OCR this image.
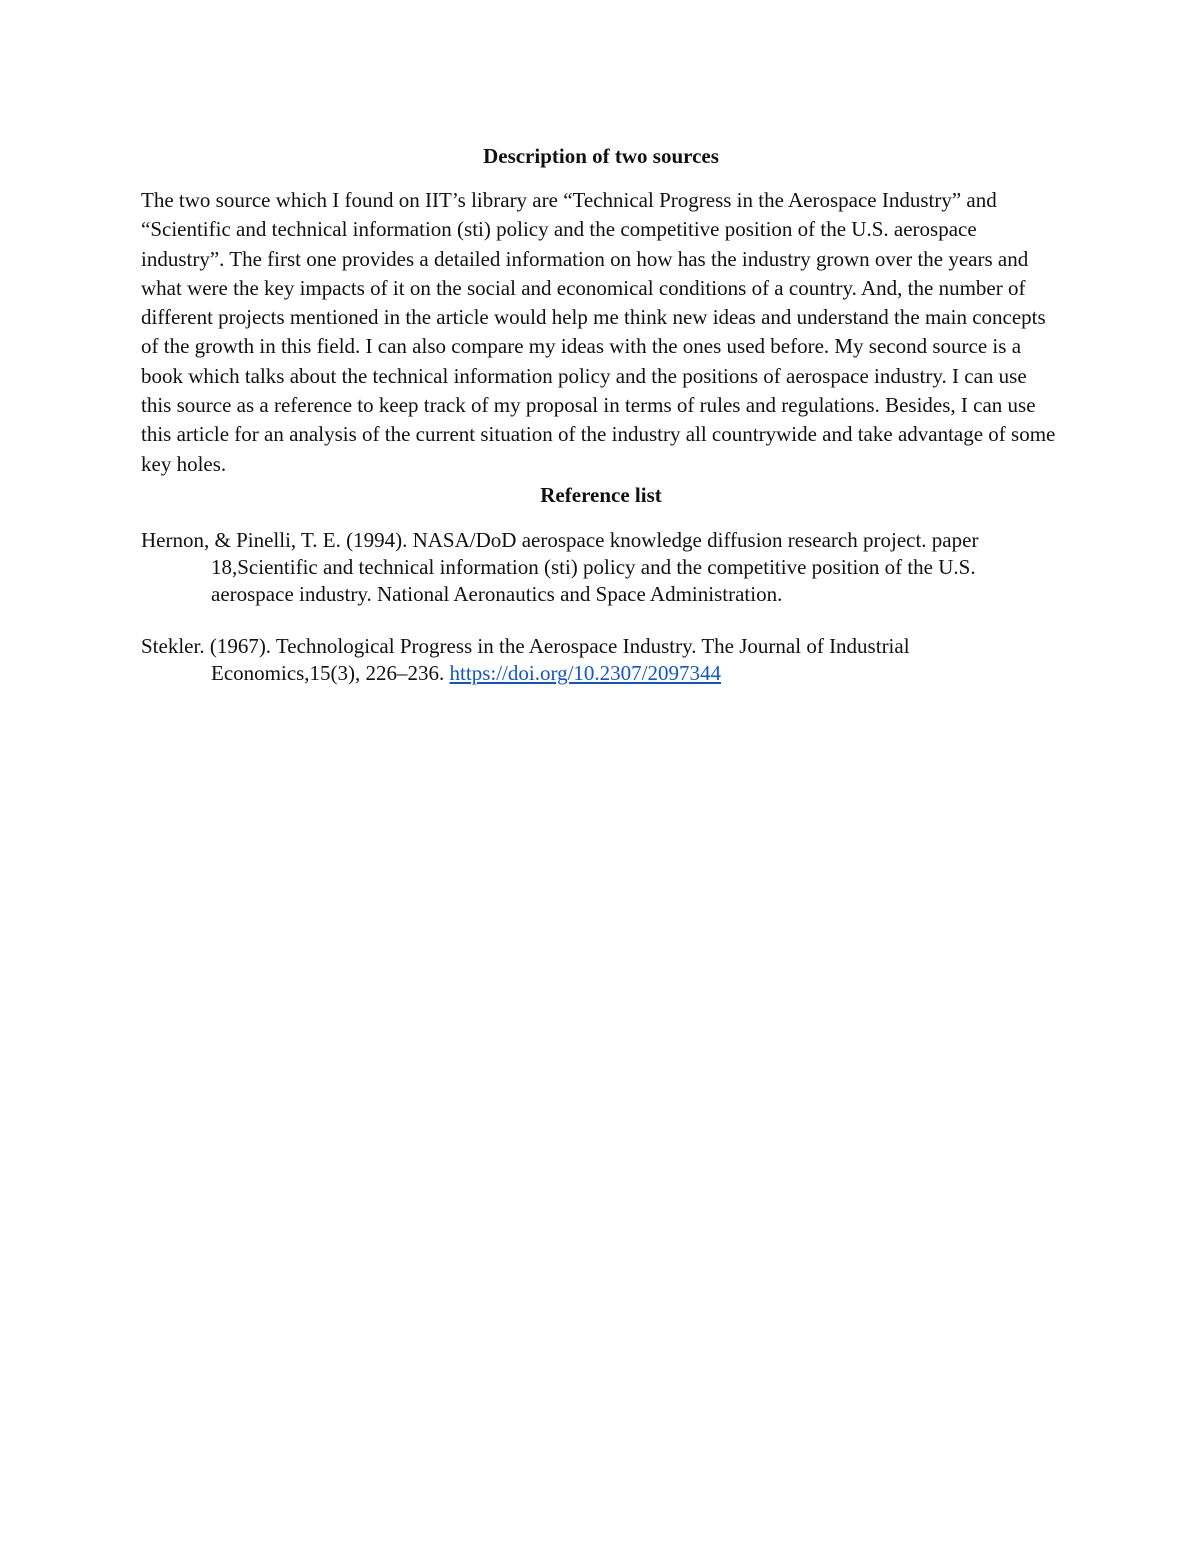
Description of two sources

The two source which I found on IIT’s library are “Technical Progress in the Aerospace Industry” and “Scientific and technical information (sti) policy and the competitive position of the U.S. aerospace industry”. The first one provides a detailed information on how has the industry grown over the years and what were the key impacts of it on the social and economical conditions of a country. And, the number of different projects mentioned in the article would help me think new ideas and understand the main concepts of the growth in this field. I can also compare my ideas with the ones used before. My second source is a book which talks about the technical information policy and the positions of aerospace industry. I can use this source as a reference to keep track of my proposal in terms of rules and regulations. Besides, I can use this article for an analysis of the current situation of the industry all countrywide and take advantage of some key holes.

Reference list

Hernon, & Pinelli, T. E. (1994). NASA/DoD aerospace knowledge diffusion research project. paper 18,Scientific and technical information (sti) policy and the competitive position of the U.S. aerospace industry. National Aeronautics and Space Administration.

Stekler. (1967). Technological Progress in the Aerospace Industry. The Journal of Industrial Economics,15(3), 226–236. https://doi.org/10.2307/2097344
